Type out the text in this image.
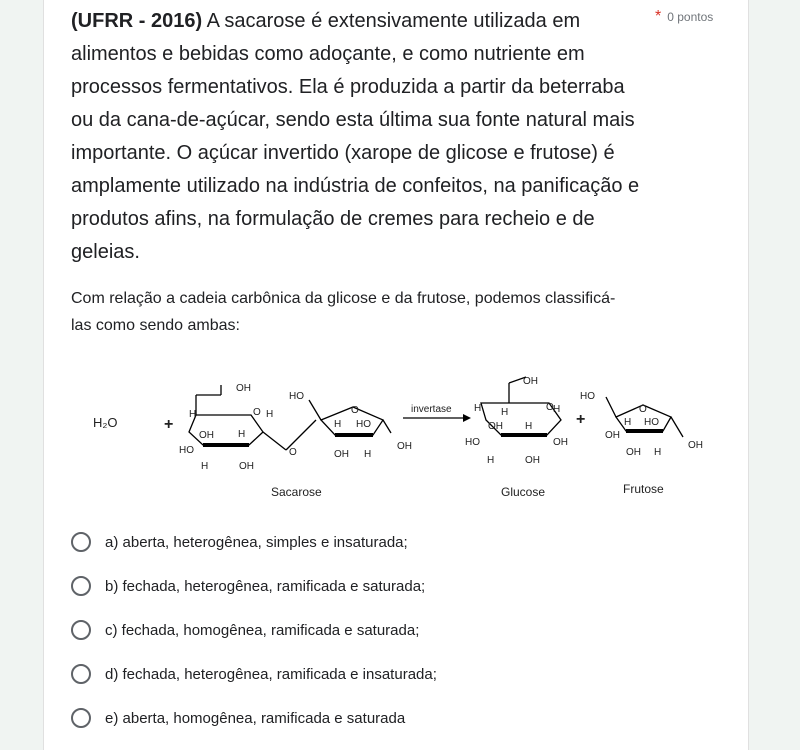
(UFRR - 2016) A sacarose é extensivamente utilizada em alimentos e bebidas como adoçante, e como nutriente em processos fermentativos. Ela é produzida a partir da beterraba ou da cana-de-açúcar, sendo esta última sua fonte natural mais importante. O açúcar invertido (xarope de glicose e frutose) é amplamente utilizado na indústria de confeitos, na panificação e produtos afins, na formulação de cremes para recheio e de geleias.
* 0 pontos
Com relação a cadeia carbônica da glicose e da frutose, podemos classificá-las como sendo ambas:
H₂O	+
OH
H	O H
OH H
HO
H	OH
HO
O
O
H HO
OH H
OH
invertase
OH
H H	O H
OH H
HO	OH
H	OH
+
HO
O
H HO
OH
OH H
OH
Sacarose	Glucose	Frutose
a) aberta, heterogênea, simples e insaturada;
b) fechada, heterogênea, ramificada e saturada;
c) fechada, homogênea, ramificada e saturada;
d) fechada, heterogênea, ramificada e insaturada;
e) aberta, homogênea, ramificada e saturada
